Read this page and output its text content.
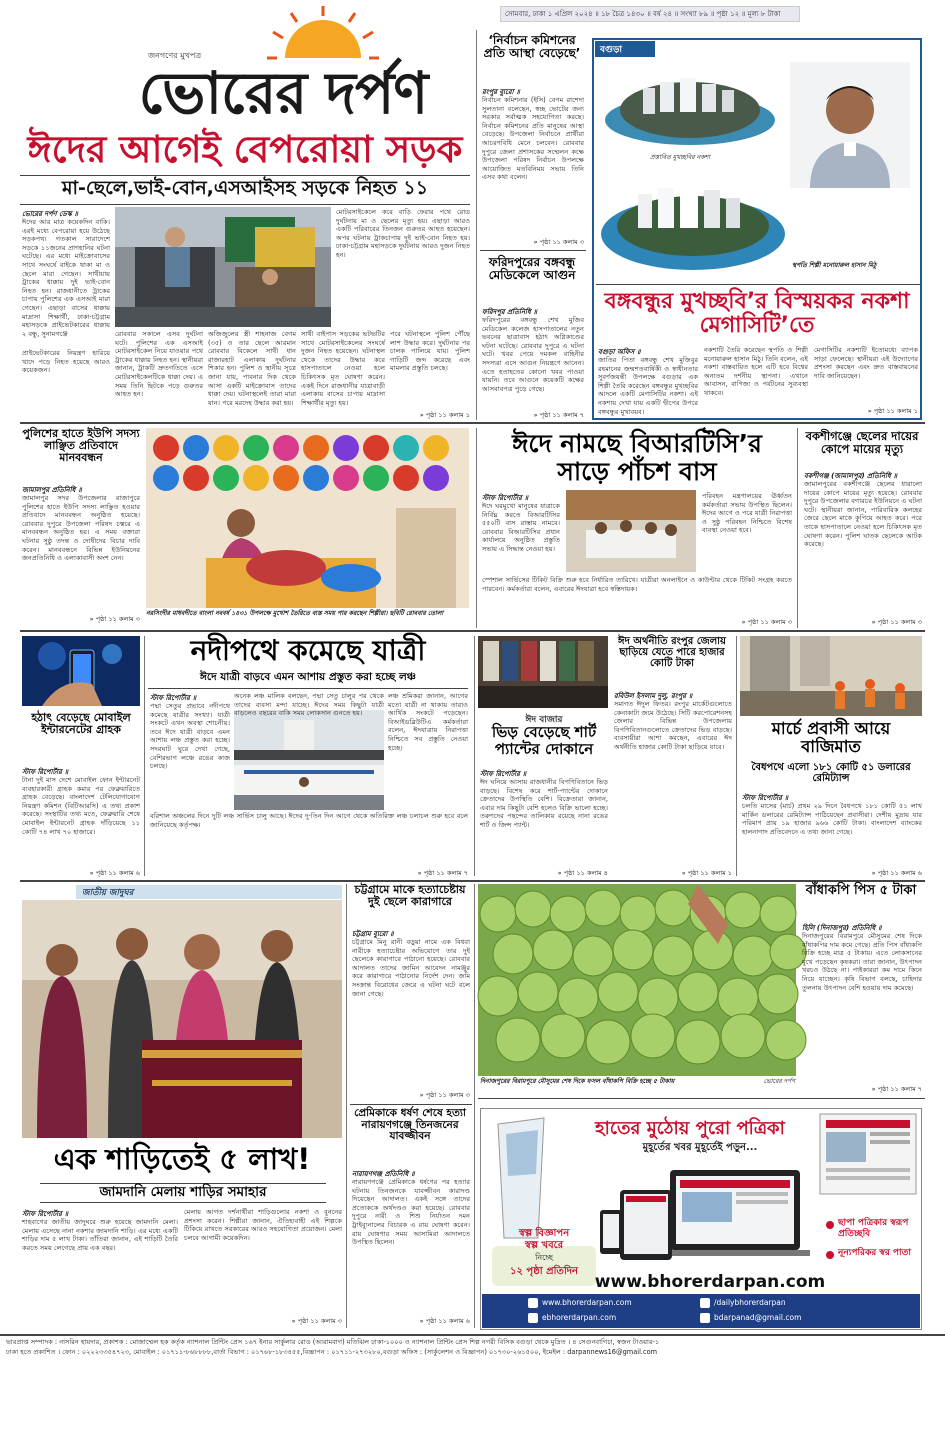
সোমবার, ঢাকা ১ এপ্রিল ২০২৪ ॥ ১৮ চৈত্র ১৪৩০ ॥ বর্ষ ২৪ ॥ সংখ্যা ৮৯ ॥ পৃষ্ঠা ১২ ॥ মূল্য ৮ টাকা
জনগণের মুখপত্র
ভোরের দর্পণ
ঈদের আগেই বেপরোয়া সড়ক
মা-ছেলে,ভাই-বোন,এসআইসহ সড়কে নিহত ১১
ভোরের দর্পণ ডেস্ক ॥
ঈদের আর মাত্র কয়েকদিন বাকি। এরই মধ্যে বেপরোয়া হয়ে উঠেছে সড়কপথ। গতকাল সারাদেশে সড়কে ১১জনের প্রাণহানির ঘটনা ঘটেছে। এর মধ্যে মাইক্রোবাসের সাথে সংঘর্ষে বাইকে থাকা মা ও ছেলে মারা গেছেন। সাথীয়ায় ট্রাকের ধাক্কায় দুই ভাই-বোন নিহত হন। রাজধানীতে ট্রাকের চাপায় পুলিশের এক এসআই মারা গেছেন। এছাড়া বাসের ধাক্কায় মাদ্রাসা শিক্ষার্থী, ঢাকা-চট্টগ্রাম মহাসড়কে প্রাইভেটকারের ধাক্কায় ২ বন্ধু, সুনামগঞ্জে
মোটরসাইকেলে করে বাড়ি ফেরার পথে রোড দুর্ঘটনায় মা ও ছেলের মৃত্যু হয়। এছাড়া আরও একটি পরিবারের তিনজন গুরুতর আহত হয়েছেন। অপর ঘটনায় ট্রাকচাপায় দুই ভাই-বোন নিহত হয়। ঢাকা-চট্টগ্রাম মহাসড়কে দুর্ঘটনায় আরও দুজন নিহত হন।
প্রাইভেটকারের নিয়ন্ত্রণ হারিয়ে খাদে পড়ে নিহত হয়েছে আরও কয়েকজন।
রোববার সকালে এসব দুর্ঘটনা ঘটে। পুলিশের এক এসআই মোটরসাইকেল নিয়ে যাওয়ার পথে ট্রাকের ধাক্কায় নিহত হন। স্থানীয়রা জানান, ট্রাকটি দ্রুতগতিতে এসে মোটরসাইকেলটিকে ধাক্কা দেয়। এ সময় তিনি ছিটকে পড়ে গুরুতর আহত হন।
অজিজুলের স্ত্রী শাহনাজ বেগম (৩৫) ও তার ছেলে আরমান রোববার বিকেলে সাথী ধান রাজারহাট এলাকায় দুর্ঘটনার শিকার হন। পুলিশ ও স্থানীয় সূত্রে জানা যায়, পাবনার দিক থেকে আসা একটি মাইক্রোবাস তাদের ধাক্কা দেয়। ঘটনাস্থলেই তারা মারা যান। পরে মরদেহ উদ্ধার করা হয়।
সাথী বাইপাস সড়কের ভটভটির সাথে মোটরসাইকেলের সংঘর্ষে দুজন নিহত হয়েছেন। ঘটনাস্থল থেকে তাদের উদ্ধার করে হাসপাতালে নেওয়া হলে চিকিৎসক মৃত ঘোষণা করেন। একই দিনে রাজধানীর যাত্রাবাড়ী এলাকায় বাসের চাপায় মাদ্রাসা শিক্ষার্থীর মৃত্যু হয়।
পরে ঘটনাস্থলে পুলিশ পৌঁছে লাশ উদ্ধার করে। দুর্ঘটনার পর চালক পালিয়ে যায়। পুলিশ গাড়িটি জব্দ করেছে এবং মামলার প্রস্তুতি চলছে।
» পৃষ্ঠা ১১ কলাম ১
‘নির্বাচন কমিশনের প্রতি আস্থা বেড়েছে’
রংপুর ব্যুরো ॥
নির্বাচন কমিশনার (ইসি) বেগম রাশেদা সুলতানা বলেছেন, স্বচ্ছ ভোটের জন্য সরকার সর্বাত্মক সহযোগিতা করছে। নির্বাচন কমিশনের প্রতি মানুষের আস্থা বেড়েছে। উপজেলা নির্বাচনে প্রার্থীরা আচরণবিধি মেনে চলবেন। রোববার দুপুরে জেলা প্রশাসকের সম্মেলন কক্ষে উপজেলা পরিষদ নির্বাচন উপলক্ষে আয়োজিত মতবিনিময় সভায় তিনি এসব কথা বলেন।
» পৃষ্ঠা ১১ কলাম ৩
ফরিদপুরের বঙ্গবন্ধু মেডিকেলে আগুন
ফরিদপুর প্রতিনিধি ॥
ফরিদপুরের বঙ্গবন্ধু শেখ মুজিব মেডিকেল কলেজ হাসপাতালের নতুন ভবনের ছাত্রাবাস হঠাৎ অগ্নিকাণ্ডের ঘটনা ঘটেছে। রোববার দুপুরে এ ঘটনা ঘটে। খবর পেয়ে দমকল বাহিনীর সদস্যরা এসে আগুন নিয়ন্ত্রণে আনেন। এতে হতাহতের কোনো খবর পাওয়া যায়নি। তবে আগুনে কয়েকটি কক্ষের আসবাবপত্র পুড়ে গেছে।
» পৃষ্ঠা ১১ কলাম ৭
বগুড়া
প্রস্তাবিত মুখচ্ছবির নকশা
স্থপতি শিল্পী মনোয়ারুল হাসান মিঠু
বঙ্গবন্ধুর মুখচ্ছবি’র বিস্ময়কর নকশা মেগাসিটি’তে
বগুড়া অফিস ॥
জাতির পিতা বঙ্গবন্ধু শেখ মুজিবুর রহমানের জন্মশতবার্ষিকী ও স্বাধীনতার সুবর্ণজয়ন্তী উপলক্ষে বগুড়ার এক শিল্পী তৈরি করেছেন বঙ্গবন্ধুর মুখচ্ছবির আদলে একটি মেগাসিটির নকশা। এই নকশায় দেখা যায় একটি দ্বীপের উপরে বঙ্গবন্ধুর মুখাবয়ব।
নকশাটি তৈরি করেছেন স্থপতি ও শিল্পী মনোয়ারুল হাসান মিঠু। তিনি বলেন, এই নকশা বাস্তবায়িত হলে এটি হবে বিশ্বের অন্যতম দর্শনীয় স্থাপনা। এখানে আবাসন, বাণিজ্য ও পর্যটনের সুব্যবস্থা থাকবে।
মেগাসিটির নকশাটি ইতোমধ্যে ব্যাপক সাড়া ফেলেছে। স্থানীয়রা এই উদ্যোগের প্রশংসা করছেন এবং দ্রুত বাস্তবায়নের দাবি জানিয়েছেন।
» পৃষ্ঠা ১১ কলাম ১
পুলিশের হাতে ইউপি সদস্য লাঞ্ছিত প্রতিবাদে মানববন্ধন
জামালপুর প্রতিনিধি ॥
জামালপুর সদর উপজেলার রাজাপুরে পুলিশের হাতে ইউপি সদস্য লাঞ্ছিত হওয়ার প্রতিবাদে মানববন্ধন অনুষ্ঠিত হয়েছে। রোববার দুপুরে উপজেলা পরিষদ চত্বরে এ মানববন্ধন অনুষ্ঠিত হয়। এ সময় বক্তারা ঘটনার সুষ্ঠু তদন্ত ও দোষীদের বিচার দাবি করেন। মানববন্ধনে বিভিন্ন ইউনিয়নের জনপ্রতিনিধি ও এলাকাবাসী অংশ নেন।
» পৃষ্ঠা ১১ কলাম ৩
নরসিংদীর মাধবদীতে বাংলা নববর্ষ ১৪৩১ উপলক্ষে মুখোশ তৈরিতে ব্যস্ত সময় পার করছেন শিল্পীরা। ছবিটি রোববার তোলা
ঈদে নামছে বিআরটিসি’র সাড়ে পাঁচশ বাস
স্টাফ রিপোর্টার ॥
ঈদে ঘরমুখো মানুষের যাত্রাকে নির্বিঘ্ন করতে বিআরটিসির ৫৫০টি বাস রাস্তায় নামবে। রোববার বিআরটিসির প্রধান কার্যালয়ে অনুষ্ঠিত প্রস্তুতি সভায় এ সিদ্ধান্ত নেওয়া হয়।
পরিবহন মন্ত্রণালয়ের ঊর্ধ্বতন কর্মকর্তারা সভায় উপস্থিত ছিলেন। ঈদের আগে ও পরে যাত্রী নিরাপত্তা ও সুষ্ঠু পরিবহন নিশ্চিতে বিশেষ ব্যবস্থা নেওয়া হবে।
স্পেশাল সার্ভিসের টিকিট বিক্রি শুরু হবে নির্ধারিত তারিখে। যাত্রীরা অনলাইনে ও কাউন্টার থেকে টিকিট সংগ্রহ করতে পারবেন। কর্মকর্তারা বলেন, এবারের ঈদযাত্রা হবে স্বস্তিদায়ক।
» পৃষ্ঠা ১১ কলাম ৩
বকশীগঞ্জে ছেলের দায়ের কোপে মায়ের মৃত্যু
বকশীগঞ্জ (জামালপুর) প্রতিনিধি ॥
জামালপুরের বকশীগঞ্জে ছেলের ধারালো দায়ের কোপে মায়ের মৃত্যু হয়েছে। রোববার দুপুরে উপজেলার বগারচর ইউনিয়নে এ ঘটনা ঘটে। স্থানীয়রা জানান, পারিবারিক কলহের জেরে ছেলে মাকে কুপিয়ে আহত করে। পরে তাকে হাসপাতালে নেওয়া হলে চিকিৎসক মৃত ঘোষণা করেন। পুলিশ ঘাতক ছেলেকে আটক করেছে।
» পৃষ্ঠা ১১ কলাম ৩
হঠাৎ বেড়েছে মোবাইল ইন্টারনেটের গ্রাহক
স্টাফ রিপোর্টার ॥
টানা দুই মাস দেশে মোবাইল ফোন ইন্টারনেট ব্যবহারকারী গ্রাহক কমার পর ফেব্রুয়ারিতে গ্রাহক বেড়েছে। বাংলাদেশ টেলিযোগাযোগ নিয়ন্ত্রণ কমিশন (বিটিআরসি) এ তথ্য প্রকাশ করেছে। সংস্থাটির তথ্য মতে, ফেব্রুয়ারি শেষে মোবাইল ইন্টারনেট গ্রাহক দাঁড়িয়েছে ১১ কোটি ৭৪ লাখ ৭০ হাজারে।
» পৃষ্ঠা ১১ কলাম ৬
নদীপথে কমেছে যাত্রী
ঈদে যাত্রী বাড়বে এমন আশায় প্রস্তুত করা হচ্ছে লঞ্চ
স্টাফ রিপোর্টার ॥
পদ্মা সেতুর প্রভাবে নদীপথে কমেছে যাত্রীর সংখ্যা। যাত্রী সংকটে এখন অবস্থা শোচনীয়। তবে ঈদে যাত্রী বাড়বে এমন আশায় লঞ্চ প্রস্তুত করা হচ্ছে। সদরঘাট ঘুরে দেখা গেছে, বেশিরভাগ লঞ্চে রঙের কাজ চলছে।
অনেক লঞ্চ মালিক বলছেন, পদ্মা সেতু চালুর পর থেকে তাদের ব্যবসা মন্দা যাচ্ছে। ঈদের সময় কিছুটা যাত্রী বাড়লেও বছরের বাকি সময় লোকসান গুনতে হয়।
লঞ্চ শ্রমিকরা জানান, আগের মতো যাত্রী না থাকায় তারাও আর্থিক সংকটে পড়েছেন। বিআইডব্লিউটিএ কর্মকর্তারা বলেন, ঈদযাত্রায় নিরাপত্তা নিশ্চিতে সব প্রস্তুতি নেওয়া হচ্ছে।
বরিশাল অঞ্চলের দিনে দুটি লঞ্চ সার্ভিস চালু আছে। ঈদের দু-তিন দিন আগে থেকে অতিরিক্ত লঞ্চ চলাচল শুরু হবে বলে জানিয়েছে কর্তৃপক্ষ।
» পৃষ্ঠা ১১ কলাম ৭
ঈদ বাজার
ভিড় বেড়েছে শার্ট প্যান্টের দোকানে
স্টাফ রিপোর্টার ॥
ঈদ ঘনিয়ে আসায় রাজধানীর বিপণিবিতানে ভিড় বাড়ছে। বিশেষ করে শার্ট-প্যান্টের দোকানে ক্রেতাদের উপস্থিতি বেশি। বিক্রেতারা জানান, এবার দাম কিছুটা বেশি হলেও বিক্রি ভালো হচ্ছে। তরুণদের পছন্দের তালিকায় রয়েছে নানা রঙের শার্ট ও জিন্স প্যান্ট।
» পৃষ্ঠা ১১ কলাম ৪
ঈদ অর্থনীতি রংপুর জেলায় ছাড়িয়ে যেতে পারে হাজার কোটি টাকা
রবিউল ইসলাম দুলু, রংপুর ॥
সমাগত ঈদুল ফিতর। রংপুর মার্কেটগুলোতে কেনাকাটা জমে উঠেছে। সিটি করপোরেশনসহ জেলার বিভিন্ন উপজেলায় বিপণিবিতানগুলোতে ক্রেতাদের ভিড় বাড়ছে। ব্যবসায়ীরা আশা করছেন, এবারের ঈদ অর্থনীতি হাজার কোটি টাকা ছাড়িয়ে যাবে।
» পৃষ্ঠা ১১ কলাম ১
মার্চে প্রবাসী আয়ে বাজিমাত
বৈধপথে এলো ১৮১ কোটি ৫১ ডলারের রেমিট্যান্স
স্টাফ রিপোর্টার ॥
চলতি মাসের (মার্চ) প্রথম ২৯ দিনে বৈধপথে ১৮১ কোটি ৫১ লাখ মার্কিন ডলারের রেমিট্যান্স পাঠিয়েছেন প্রবাসীরা। দেশীয় মুদ্রায় যার পরিমাণ প্রায় ১৯ হাজার ৯৬৬ কোটি টাকা। বাংলাদেশ ব্যাংকের হালনাগাদ প্রতিবেদনে এ তথ্য জানা গেছে।
» পৃষ্ঠা ১১ কলাম ৬
জাতীয় জাদুঘর
এক শাড়িতেই ৫ লাখ!
জামদানি মেলায় শাড়ির সমাহার
স্টাফ রিপোর্টার ॥
শাহবাগের জাতীয় জাদুঘরে শুরু হয়েছে জামদানি মেলা। মেলায় এসেছে নানা নকশার জামদানি শাড়ি। এর মধ্যে একটি শাড়ির দাম ৫ লাখ টাকা। তাঁতিরা জানান, এই শাড়িটি তৈরি করতে সময় লেগেছে প্রায় এক বছর।
মেলায় আগত দর্শনার্থীরা শাড়িগুলোর নকশা ও বুননের প্রশংসা করেন। শিল্পীরা জানান, ঐতিহ্যবাহী এই শিল্পকে টিকিয়ে রাখতে সরকারের আরও সহযোগিতা প্রয়োজন। মেলা চলবে আগামী কয়েকদিন।
» পৃষ্ঠা ১১ কলাম ৩
চট্টগ্রামে মাকে হত্যাচেষ্টায় দুই ছেলে কারাগারে
চট্টগ্রাম ব্যুরো ॥
চট্টগ্রামে মিনু রানী বড়ুয়া নামে এক বিধবা নারীকে হত্যাচেষ্টার অভিযোগে তার দুই ছেলেকে কারাগারে পাঠানো হয়েছে। রোববার আদালত তাদের জামিন আবেদন নামঞ্জুর করে কারাগারে পাঠানোর নির্দেশ দেন। জমি সংক্রান্ত বিরোধের জেরে এ ঘটনা ঘটে বলে জানা গেছে।
» পৃষ্ঠা ১১ কলাম ৩
প্রেমিকাকে ধর্ষণ শেষে হত্যা নারায়ণগঞ্জে তিনজনের যাবজ্জীবন
নারায়ণগঞ্জ প্রতিনিধি ॥
নারায়ণগঞ্জে প্রেমিকাকে ধর্ষণের পর হত্যার ঘটনায় তিনজনকে যাবজ্জীবন কারাদণ্ড দিয়েছেন আদালত। একই সঙ্গে তাদের প্রত্যেককে অর্থদণ্ডও করা হয়েছে। রোববার দুপুরে নারী ও শিশু নির্যাতন দমন ট্রাইব্যুনালের বিচারক এ রায় ঘোষণা করেন। রায় ঘোষণার সময় আসামিরা আদালতে উপস্থিত ছিলেন।
» পৃষ্ঠা ১১ কলাম ৬
দিনাজপুরের বিরামপুরে মৌসুমের শেষ দিকে ফসল বাঁধাকপি বিক্রি হচ্ছে ৫ টাকায়	ভোরের দর্পণ
বাঁধাকপি পিস ৫ টাকা
হিলি (দিনাজপুর) প্রতিনিধি ॥
দিনাজপুরের বিরামপুরে মৌসুমের শেষ দিকে বাঁধাকপির দাম কমে গেছে। প্রতি পিস বাঁধাকপি বিক্রি হচ্ছে মাত্র ৫ টাকায়। এতে লোকসানের মুখে পড়েছেন কৃষকরা। তারা জানান, উৎপাদন খরচও উঠছে না। পাইকাররা কম দামে কিনে নিয়ে যাচ্ছেন। কৃষি বিভাগ বলছে, চাহিদার তুলনায় উৎপাদন বেশি হওয়ায় দাম কমেছে।
» পৃষ্ঠা ১১ কলাম ৭
হাতের মুঠোয় পুরো পত্রিকা
মুহূর্তের খবর মুহূর্তেই পড়ুন...
স্বল্প বিজ্ঞাপন
স্বল্প খবরে
নিচ্ছে
১২ পৃষ্ঠা প্রতিদিন
ছাপা পত্রিকার স্বরূপ প্রতিচ্ছবি
নূন্যপরিকর স্বর পাতা
www.bhorerdarpan.com
www.bhorerdarpan.com	/dailybhorerdarpan
ebhorerdarpan.com	bdarpanad@gmail.com
ভারপ্রাপ্ত সম্পাদক : নাসরিন হায়দার, প্রকাশক : মোজাম্মেল হক কর্তৃক ন্যাশনাল প্রিন্টিং প্রেস ১৬৭ ইনার সার্কুলার রোড (আরামবাগ) মতিঝিল ঢাকা-১০০০ ও ন্যাশনাল প্রিন্টিং প্রেস শিল্প নগরী বিসিক বগুড়া থেকে মুদ্রিত । ৪ সেগুনবাগিচা, স্বজন টাওয়ার-১
ঢাকা হতে প্রকাশিত । ফোন : ০২২২৩৩৫৪৭২৩, মোবাইল : ০১৭১১-৮৬৮৮৮৮,বার্তা বিভাগ : ০১৭৬৮-১৮৩৪৫৫,বিজ্ঞাপন : ০১৭১১-২৭৩২৮০,বগুড়া অফিস : (সার্কুলেশন ও বিজ্ঞাপন) ০১৭৩০-২৬১৫০০, ইমেইল : darpannews16@gmail.com
